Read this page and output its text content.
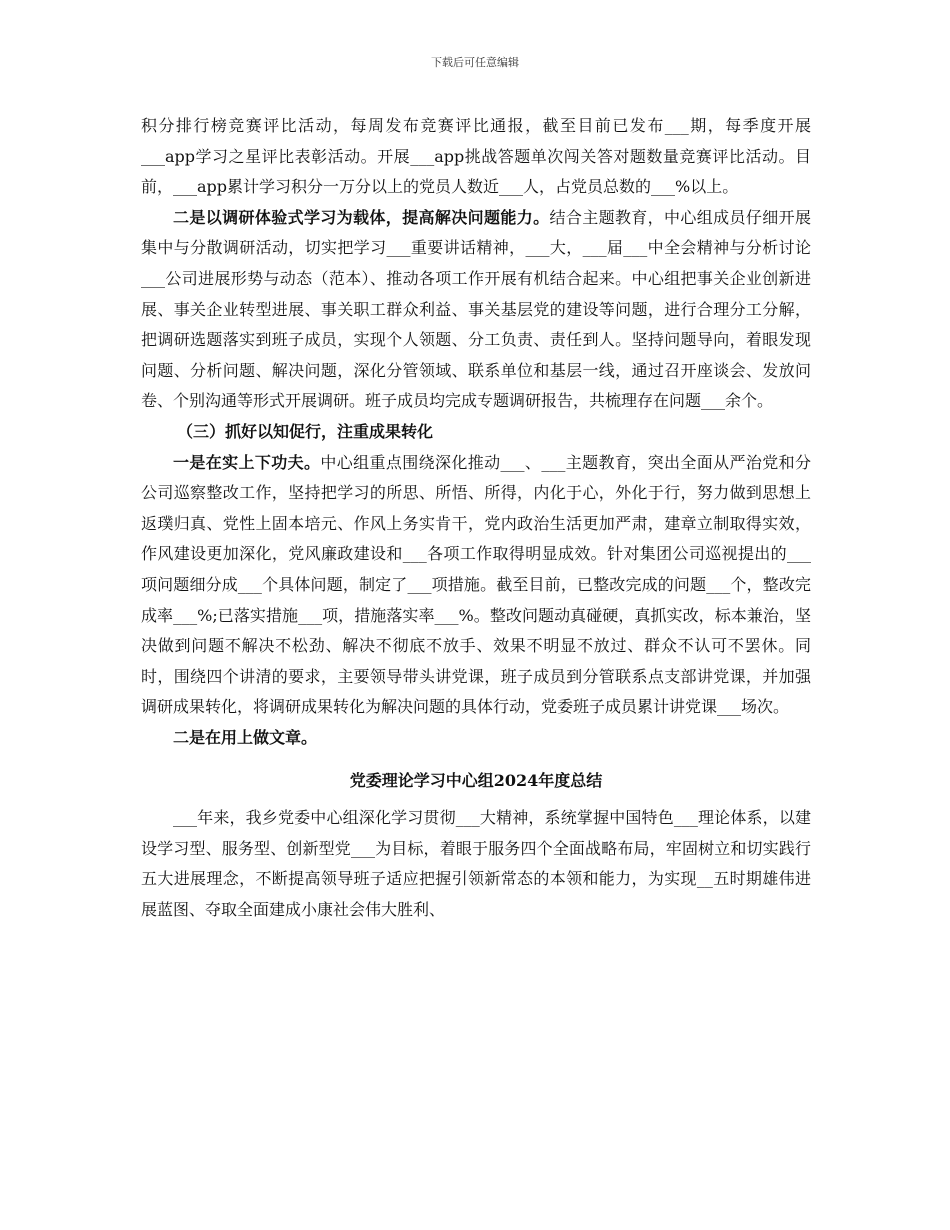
下载后可任意编辑

积分排行榜竞赛评比活动，每周发布竞赛评比通报，截至目前已发布___期，每季度开展___app学习之星评比表彰活动。开展___app挑战答题单次闯关答对题数量竞赛评比活动。目前，___app累计学习积分一万分以上的党员人数近___人，占党员总数的___%以上。

二是以调研体验式学习为载体，提高解决问题能力。结合主题教育，中心组成员仔细开展集中与分散调研活动，切实把学习___重要讲话精神，___大，___届___中全会精神与分析讨论___公司进展形势与动态（范本）、推动各项工作开展有机结合起来。中心组把事关企业创新进展、事关企业转型进展、事关职工群众利益、事关基层党的建设等问题，进行合理分工分解，把调研选题落实到班子成员，实现个人领题、分工负责、责任到人。坚持问题导向，着眼发现问题、分析问题、解决问题，深化分管领域、联系单位和基层一线，通过召开座谈会、发放问卷、个别沟通等形式开展调研。班子成员均完成专题调研报告，共梳理存在问题___余个。

（三）抓好以知促行，注重成果转化

一是在实上下功夫。中心组重点围绕深化推动___、___主题教育，突出全面从严治党和分公司巡察整改工作，坚持把学习的所思、所悟、所得，内化于心，外化于行，努力做到思想上返璞归真、党性上固本培元、作风上务实肯干，党内政治生活更加严肃，建章立制取得实效，作风建设更加深化，党风廉政建设和___各项工作取得明显成效。针对集团公司巡视提出的___项问题细分成___个具体问题，制定了___项措施。截至目前，已整改完成的问题___个，整改完成率___%;已落实措施___项，措施落实率___%。整改问题动真碰硬，真抓实改，标本兼治，坚决做到问题不解决不松劲、解决不彻底不放手、效果不明显不放过、群众不认可不罢休。同时，围绕四个讲清的要求，主要领导带头讲党课，班子成员到分管联系点支部讲党课，并加强调研成果转化，将调研成果转化为解决问题的具体行动，党委班子成员累计讲党课___场次。

二是在用上做文章。

党委理论学习中心组2024年度总结

___年来，我乡党委中心组深化学习贯彻___大精神，系统掌握中国特色___理论体系，以建设学习型、服务型、创新型党___为目标，着眼于服务四个全面战略布局，牢固树立和切实践行五大进展理念，不断提高领导班子适应把握引领新常态的本领和能力，为实现__五时期雄伟进展蓝图、夺取全面建成小康社会伟大胜利、
